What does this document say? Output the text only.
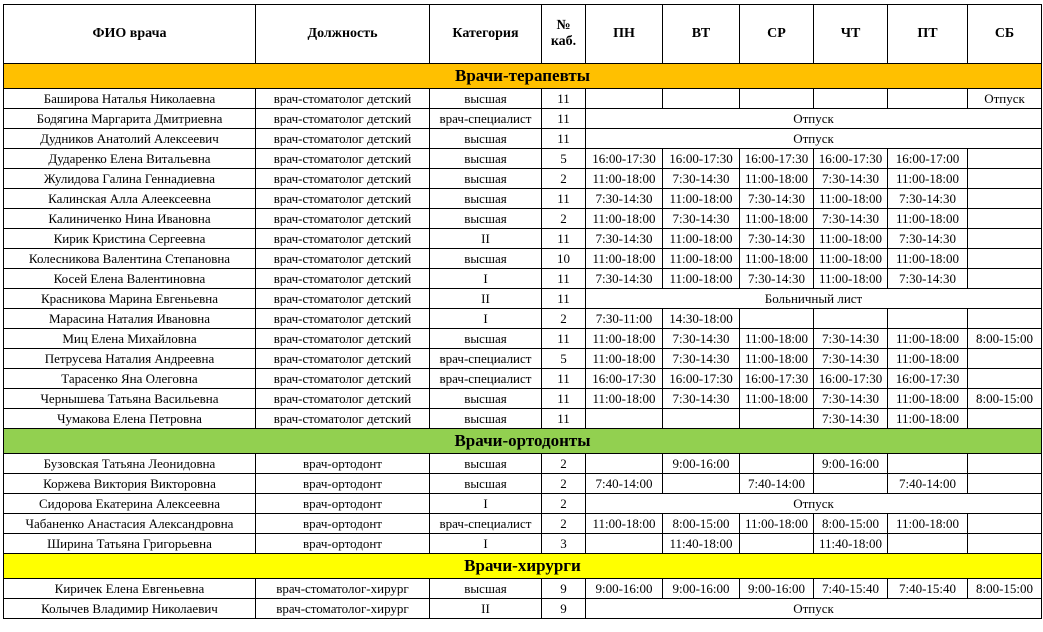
ФИО врача	Должность	Категория	№ каб.	ПН	ВТ	СР	ЧТ	ПТ	СБ
Врачи-терапевты									
Баширова Наталья Николаевна	врач-стоматолог детский	высшая	11						Отпуск
Бодягина Маргарита Дмитриевна	врач-стоматолог детский	врач-специалист	11	Отпуск					
Дудников Анатолий Алексеевич	врач-стоматолог детский	высшая	11	Отпуск					
Дударенко Елена Витальевна	врач-стоматолог детский	высшая	5	16:00-17:30	16:00-17:30	16:00-17:30	16:00-17:30	16:00-17:00	
Жулидова Галина Геннадиевна	врач-стоматолог детский	высшая	2	11:00-18:00	7:30-14:30	11:00-18:00	7:30-14:30	11:00-18:00	
Калинская Алла Алеексеевна	врач-стоматолог детский	высшая	11	7:30-14:30	11:00-18:00	7:30-14:30	11:00-18:00	7:30-14:30	
Калиниченко Нина Ивановна	врач-стоматолог детский	высшая	2	11:00-18:00	7:30-14:30	11:00-18:00	7:30-14:30	11:00-18:00	
Кирик Кристина Сергеевна	врач-стоматолог детский	II	11	7:30-14:30	11:00-18:00	7:30-14:30	11:00-18:00	7:30-14:30	
Колесникова Валентина Степановна	врач-стоматолог детский	высшая	10	11:00-18:00	11:00-18:00	11:00-18:00	11:00-18:00	11:00-18:00	
Косей Елена Валентиновна	врач-стоматолог детский	I	11	7:30-14:30	11:00-18:00	7:30-14:30	11:00-18:00	7:30-14:30	
Красникова Марина Евгеньевна	врач-стоматолог детский	II	11	Больничный лист					
Марасина Наталия Ивановна	врач-стоматолог детский	I	2	7:30-11:00	14:30-18:00				
Миц Елена Михайловна	врач-стоматолог детский	высшая	11	11:00-18:00	7:30-14:30	11:00-18:00	7:30-14:30	11:00-18:00	8:00-15:00
Петрусева Наталия Андреевна	врач-стоматолог детский	врач-специалист	5	11:00-18:00	7:30-14:30	11:00-18:00	7:30-14:30	11:00-18:00	
Тарасенко Яна Олеговна	врач-стоматолог детский	врач-специалист	11	16:00-17:30	16:00-17:30	16:00-17:30	16:00-17:30	16:00-17:30	
Чернышева Татьяна Васильевна	врач-стоматолог детский	высшая	11	11:00-18:00	7:30-14:30	11:00-18:00	7:30-14:30	11:00-18:00	8:00-15:00
Чумакова Елена Петровна	врач-стоматолог детский	высшая	11				7:30-14:30	11:00-18:00	
Врачи-ортодонты									
Бузовская Татьяна Леонидовна	врач-ортодонт	высшая	2		9:00-16:00		9:00-16:00		
Коржева Виктория Викторовна	врач-ортодонт	высшая	2	7:40-14:00		7:40-14:00		7:40-14:00	
Сидорова Екатерина Алексеевна	врач-ортодонт	I	2	Отпуск					
Чабаненко Анастасия Александровна	врач-ортодонт	врач-специалист	2	11:00-18:00	8:00-15:00	11:00-18:00	8:00-15:00	11:00-18:00	
Ширина Татьяна Григорьевна	врач-ортодонт	I	3		11:40-18:00		11:40-18:00		
Врачи-хирурги									
Киричек Елена Евгеньевна	врач-стоматолог-хирург	высшая	9	9:00-16:00	9:00-16:00	9:00-16:00	7:40-15:40	7:40-15:40	8:00-15:00
Колычев Владимир Николаевич	врач-стоматолог-хирург	II	9	Отпуск					
